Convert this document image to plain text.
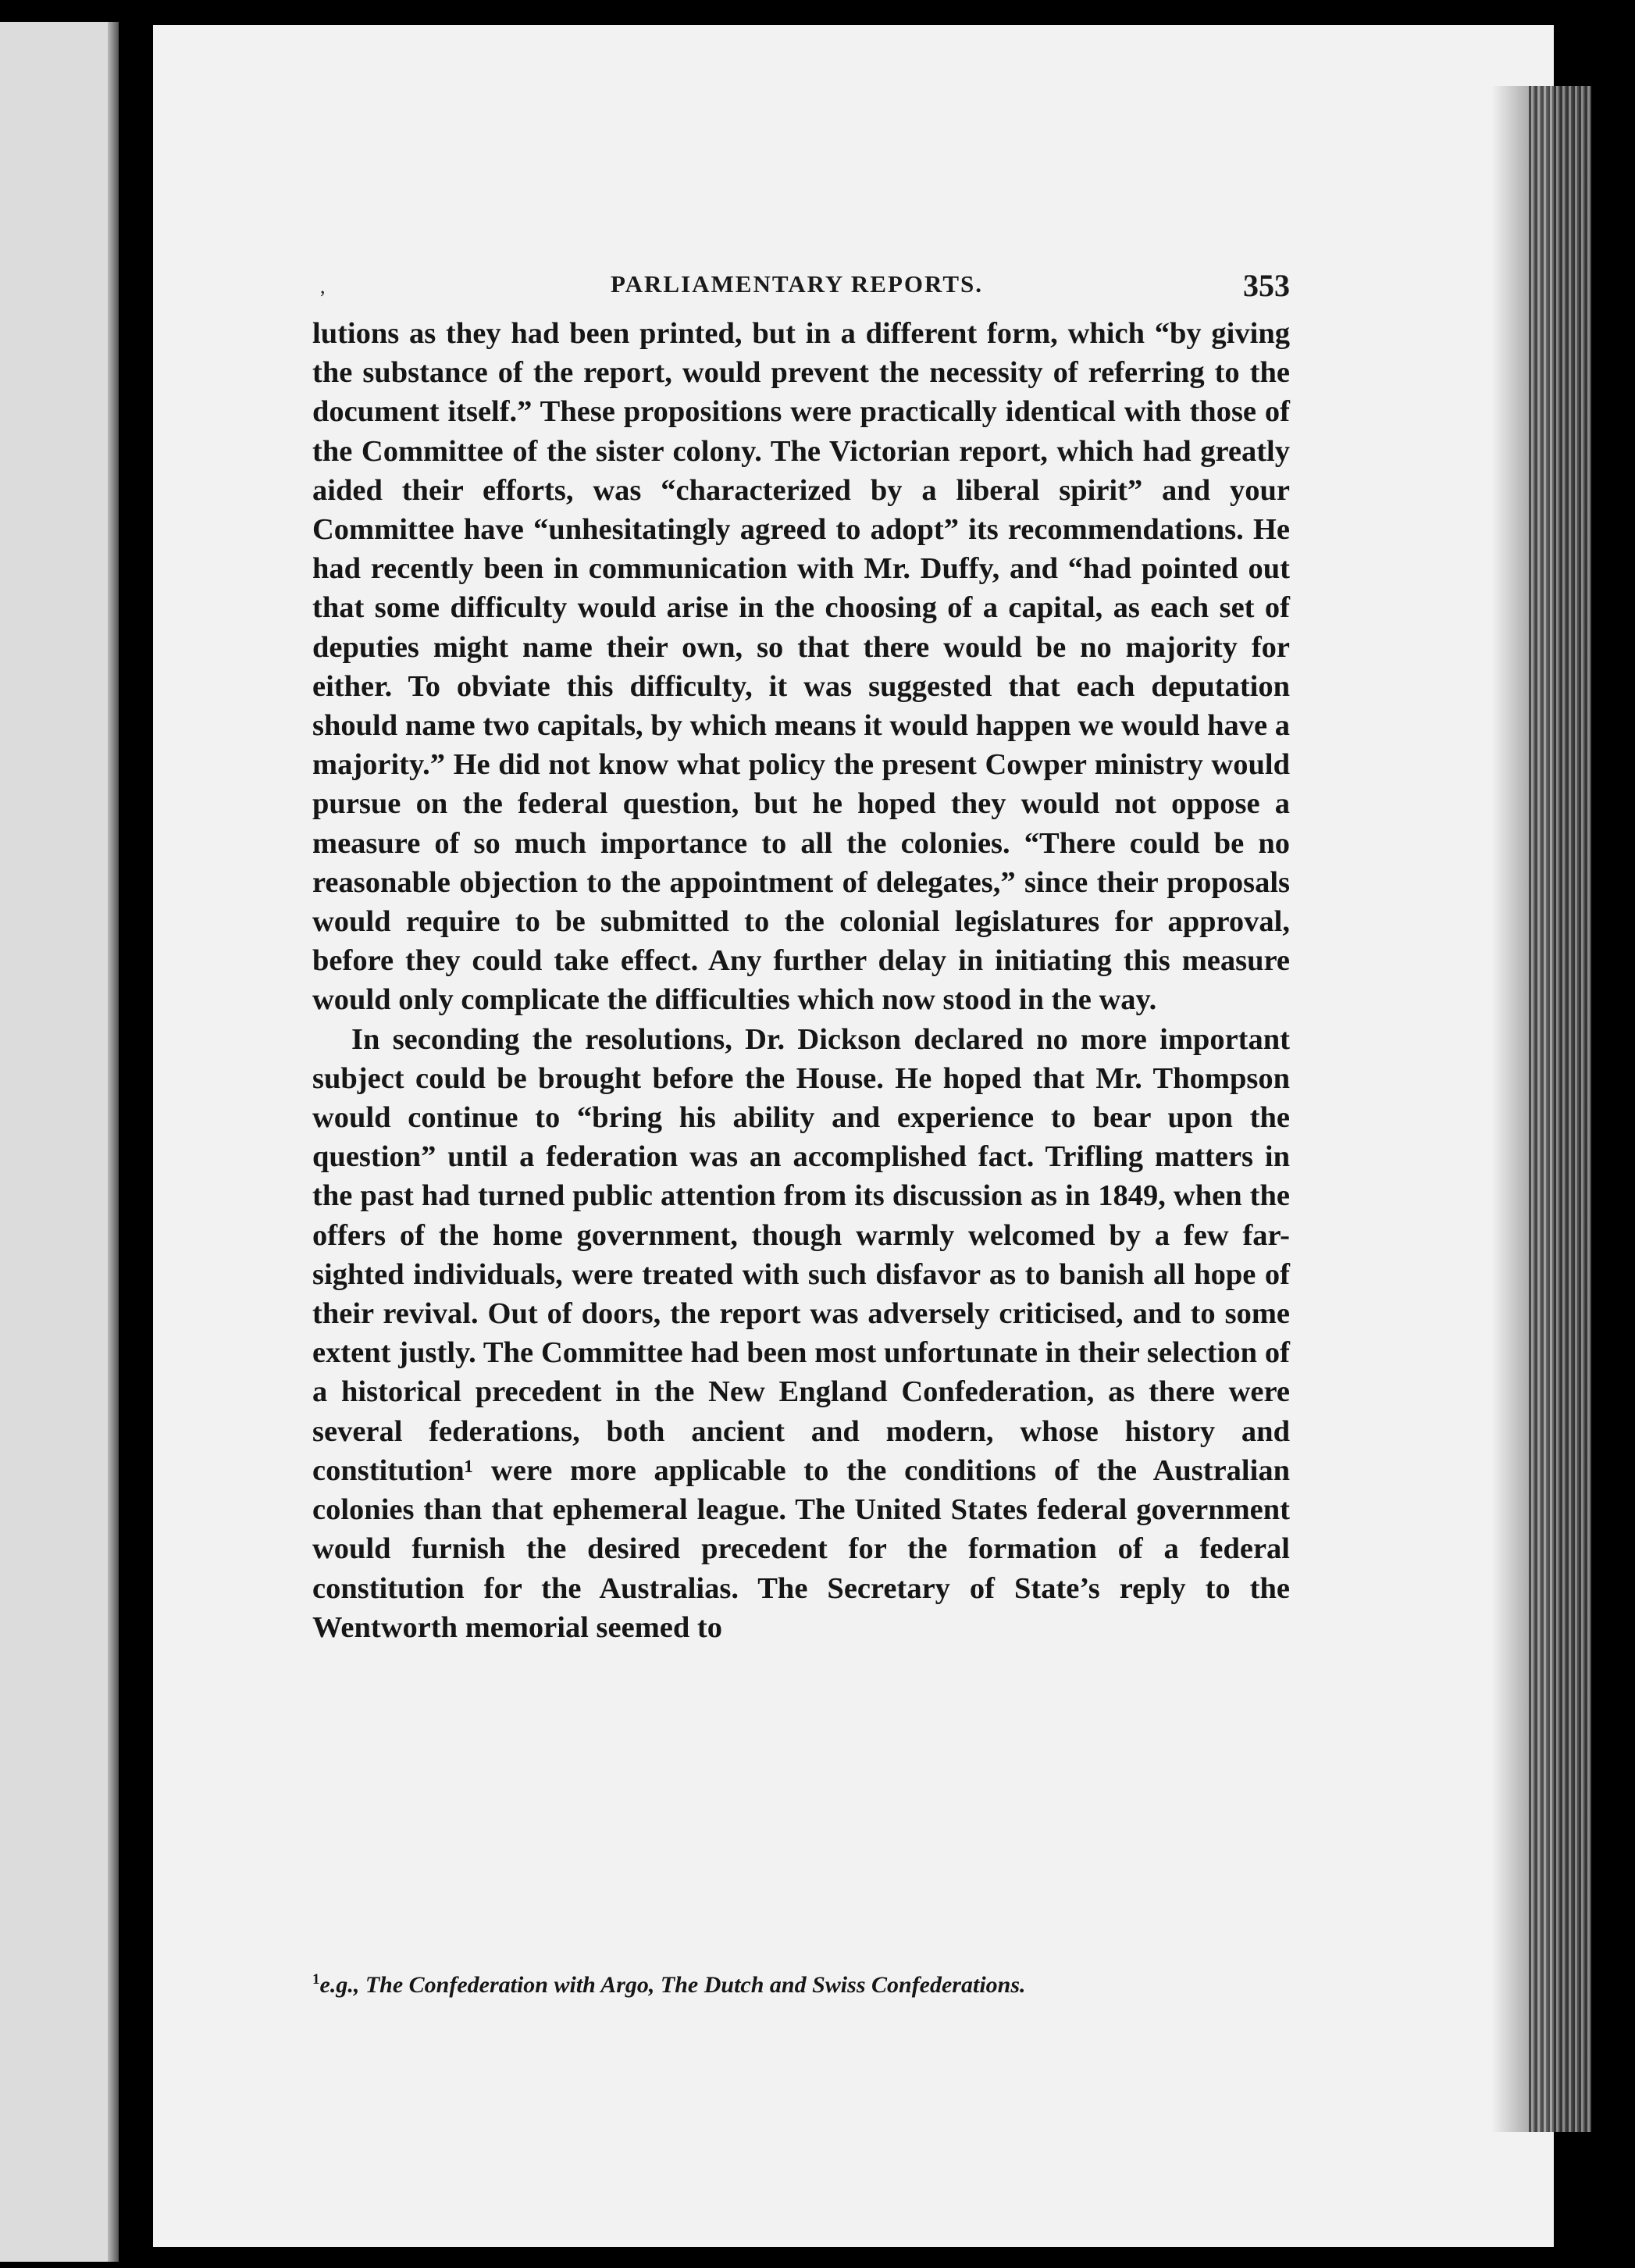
,	PARLIAMENTARY REPORTS.	353

lutions as they had been printed, but in a different form, which “by giving the substance of the report, would prevent the necessity of referring to the document itself.” These propositions were practically identical with those of the Committee of the sister colony. The Victorian report, which had greatly aided their efforts, was “characterized by a liberal spirit” and your Committee have “unhesitatingly agreed to adopt” its recommendations. He had recently been in communication with Mr. Duffy, and “had pointed out that some difficulty would arise in the choosing of a capital, as each set of deputies might name their own, so that there would be no majority for either. To obviate this difficulty, it was suggested that each deputation should name two capitals, by which means it would happen we would have a majority.” He did not know what policy the present Cowper ministry would pursue on the federal question, but he hoped they would not oppose a measure of so much importance to all the colonies. “There could be no reasonable objection to the appointment of delegates,” since their proposals would require to be submitted to the colonial legislatures for approval, before they could take effect. Any further delay in initiating this measure would only complicate the difficulties which now stood in the way.

In seconding the resolutions, Dr. Dickson declared no more important subject could be brought before the House. He hoped that Mr. Thompson would continue to “bring his ability and experience to bear upon the question” until a federation was an accomplished fact. Trifling matters in the past had turned public attention from its discussion as in 1849, when the offers of the home government, though warmly welcomed by a few far-sighted individuals, were treated with such disfavor as to banish all hope of their revival. Out of doors, the report was adversely criticised, and to some extent justly. The Committee had been most unfortunate in their selection of a historical precedent in the New England Confederation, as there were several federations, both ancient and modern, whose history and constitution¹ were more applicable to the conditions of the Australian colonies than that ephemeral league. The United States federal government would furnish the desired precedent for the formation of a federal constitution for the Australias. The Secretary of State’s reply to the Wentworth memorial seemed to

$^1$e.g., The Confederation with Argo, The Dutch and Swiss Confederations.
